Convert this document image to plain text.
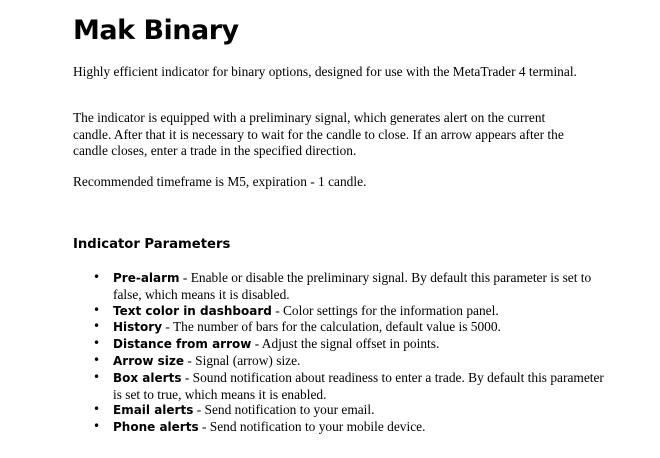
Mak Binary

Highly efficient indicator for binary options, designed for use with the MetaTrader 4 terminal.

The indicator is equipped with a preliminary signal, which generates alert on the current candle. After that it is necessary to wait for the candle to close. If an arrow appears after the candle closes, enter a trade in the specified direction.

Recommended timeframe is M5, expiration - 1 candle.

Indicator Parameters
• Pre-alarm - Enable or disable the preliminary signal. By default this parameter is set to false, which means it is disabled.
• Text color in dashboard - Color settings for the information panel.
• History - The number of bars for the calculation, default value is 5000.
• Distance from arrow - Adjust the signal offset in points.
• Arrow size - Signal (arrow) size.
• Box alerts - Sound notification about readiness to enter a trade. By default this parameter is set to true, which means it is enabled.
• Email alerts - Send notification to your email.
• Phone alerts - Send notification to your mobile device.
